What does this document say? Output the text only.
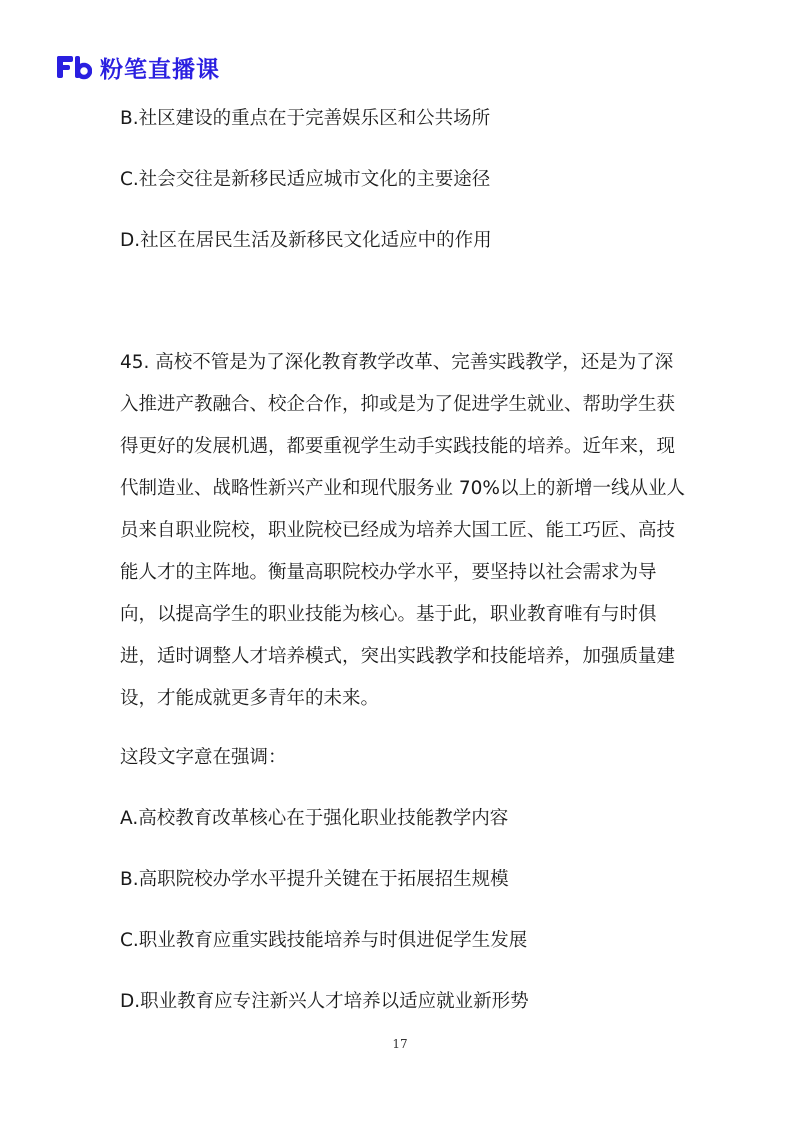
粉笔直播课
B.社区建设的重点在于完善娱乐区和公共场所
C.社会交往是新移民适应城市文化的主要途径
D.社区在居民生活及新移民文化适应中的作用
45. 高校不管是为了深化教育教学改革、完善实践教学，还是为了深
入推进产教融合、校企合作，抑或是为了促进学生就业、帮助学生获
得更好的发展机遇，都要重视学生动手实践技能的培养。近年来，现
代制造业、战略性新兴产业和现代服务业 70%以上的新增一线从业人
员来自职业院校，职业院校已经成为培养大国工匠、能工巧匠、高技
能人才的主阵地。衡量高职院校办学水平，要坚持以社会需求为导
向，以提高学生的职业技能为核心。基于此，职业教育唯有与时俱
进，适时调整人才培养模式，突出实践教学和技能培养，加强质量建
设，才能成就更多青年的未来。
这段文字意在强调：
A.高校教育改革核心在于强化职业技能教学内容
B.高职院校办学水平提升关键在于拓展招生规模
C.职业教育应重实践技能培养与时俱进促学生发展
D.职业教育应专注新兴人才培养以适应就业新形势
17
